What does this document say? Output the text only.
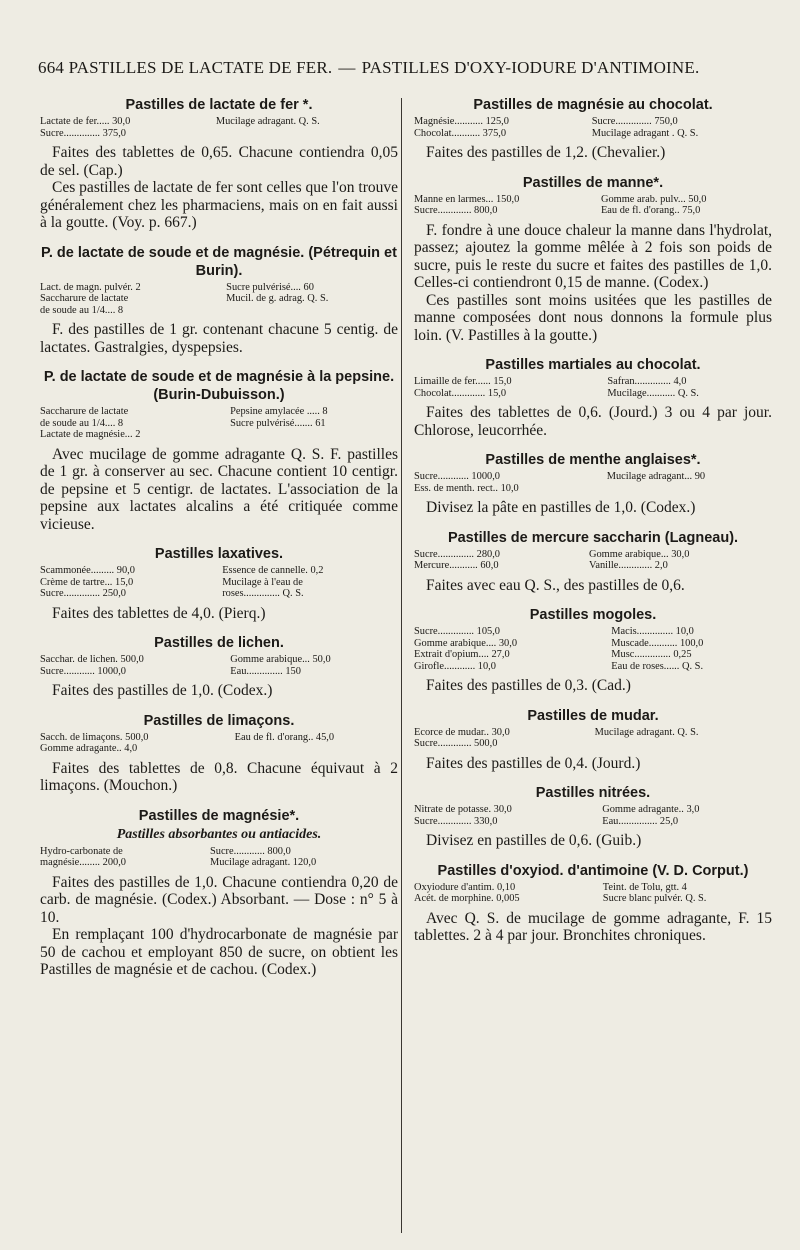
664 PASTILLES DE LACTATE DE FER. — PASTILLES D'OXY-IODURE D'ANTIMOINE.
Pastilles de lactate de fer *.
Lactate de fer..... 30,0	Mucilage adragant. Q. S.
Sucre.............. 375,0	

Faites des tablettes de 0,65. Chacune contiendra 0,05 de sel. (Cap.)

Ces pastilles de lactate de fer sont celles que l'on trouve généralement chez les pharmaciens, mais on en fait aussi à la goutte. (Voy. p. 667.)

P. de lactate de soude et de magnésie. (Pétrequin et Burin).
Lact. de magn. pulvér. 2	Sucre pulvérisé.... 60
Saccharure de lactate	Mucil. de g. adrag. Q. S.
de soude au 1/4.... 8	

F. des pastilles de 1 gr. contenant chacune 5 centig. de lactates. Gastralgies, dyspepsies.

P. de lactate de soude et de magnésie à la pepsine. (Burin-Dubuisson.)
Saccharure de lactate	Pepsine amylacée ..... 8
de soude au 1/4.... 8	Sucre pulvérisé....... 61
Lactate de magnésie... 2	

Avec mucilage de gomme adragante Q. S. F. pastilles de 1 gr. à conserver au sec. Chacune contient 10 centigr. de pepsine et 5 centigr. de lactates. L'association de la pepsine aux lactates alcalins a été critiquée comme vicieuse.

Pastilles laxatives.
Scammonée......... 90,0	Essence de cannelle. 0,2
Crème de tartre... 15,0	Mucilage à l'eau de
Sucre.............. 250,0	roses.............. Q. S.

Faites des tablettes de 4,0. (Pierq.)

Pastilles de lichen.
Sacchar. de lichen. 500,0	Gomme arabique... 50,0
Sucre............ 1000,0	Eau.............. 150

Faites des pastilles de 1,0. (Codex.)

Pastilles de limaçons.
Sacch. de limaçons. 500,0	Eau de fl. d'orang.. 45,0
Gomme adragante.. 4,0	

Faites des tablettes de 0,8. Chacune équivaut à 2 limaçons. (Mouchon.)

Pastilles de magnésie*.
Pastilles absorbantes ou antiacides.
Hydro-carbonate de	Sucre............ 800,0
magnésie........ 200,0	Mucilage adragant. 120,0

Faites des pastilles de 1,0. Chacune contiendra 0,20 de carb. de magnésie. (Codex.) Absorbant. — Dose : n° 5 à 10.

En remplaçant 100 d'hydrocarbonate de magnésie par 50 de cachou et employant 850 de sucre, on obtient les Pastilles de magnésie et de cachou. (Codex.)

Pastilles de magnésie au chocolat.
Magnésie........... 125,0	Sucre.............. 750,0
Chocolat........... 375,0	Mucilage adragant . Q. S.

Faites des pastilles de 1,2. (Chevalier.)

Pastilles de manne*.
Manne en larmes... 150,0	Gomme arab. pulv... 50,0
Sucre............. 800,0	Eau de fl. d'orang.. 75,0

F. fondre à une douce chaleur la manne dans l'hydrolat, passez; ajoutez la gomme mêlée à 2 fois son poids de sucre, puis le reste du sucre et faites des pastilles de 1,0. Celles-ci contiendront 0,15 de manne. (Codex.)

Ces pastilles sont moins usitées que les pastilles de manne composées dont nous donnons la formule plus loin. (V. Pastilles à la goutte.)

Pastilles martiales au chocolat.
Limaille de fer...... 15,0	Safran.............. 4,0
Chocolat............. 15,0	Mucilage........... Q. S.

Faites des tablettes de 0,6. (Jourd.) 3 ou 4 par jour. Chlorose, leucorrhée.

Pastilles de menthe anglaises*.
Sucre............ 1000,0	Mucilage adragant... 90
Ess. de menth. rect.. 10,0	

Divisez la pâte en pastilles de 1,0. (Codex.)

Pastilles de mercure saccharin (Lagneau).
Sucre.............. 280,0	Gomme arabique... 30,0
Mercure........... 60,0	Vanille............. 2,0

Faites avec eau Q. S., des pastilles de 0,6.

Pastilles mogoles.
Sucre.............. 105,0	Macis.............. 10,0
Gomme arabique.... 30,0	Muscade........... 100,0
Extrait d'opium.... 27,0	Musc.............. 0,25
Girofle............ 10,0	Eau de roses...... Q. S.

Faites des pastilles de 0,3. (Cad.)

Pastilles de mudar.
Ecorce de mudar.. 30,0	Mucilage adragant. Q. S.
Sucre............. 500,0	

Faites des pastilles de 0,4. (Jourd.)

Pastilles nitrées.
Nitrate de potasse. 30,0	Gomme adragante.. 3,0
Sucre............. 330,0	Eau............... 25,0

Divisez en pastilles de 0,6. (Guib.)

Pastilles d'oxyiod. d'antimoine (V. D. Corput.)
Oxyiodure d'antim. 0,10	Teint. de Tolu, gtt. 4
Acét. de morphine. 0,005	Sucre blanc pulvér. Q. S.

Avec Q. S. de mucilage de gomme adragante, F. 15 tablettes. 2 à 4 par jour. Bronchites chroniques.
